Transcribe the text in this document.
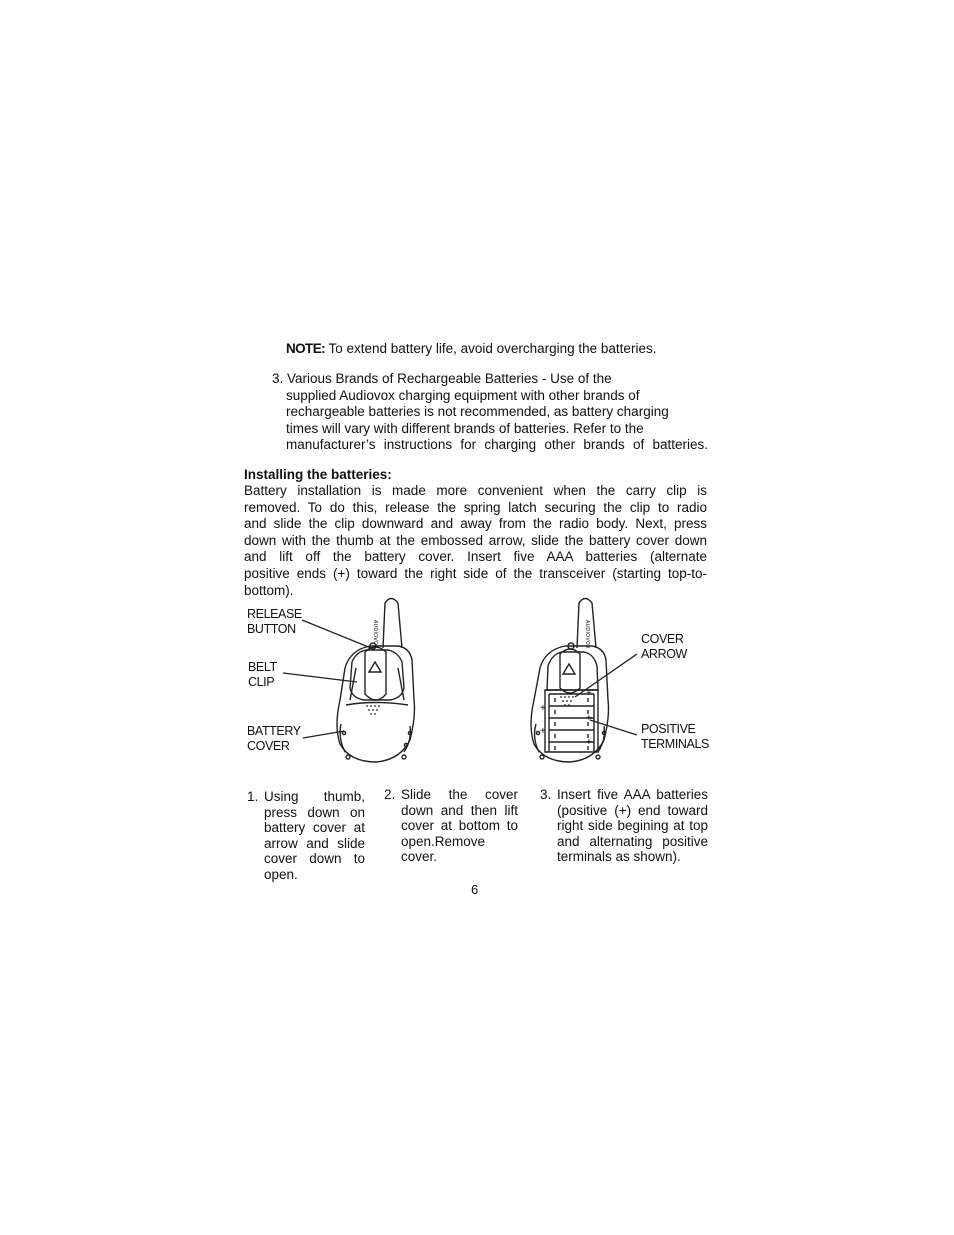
NOTE: To extend battery life, avoid overcharging the batteries.
3. Various Brands of Rechargeable Batteries - Use of the
supplied Audiovox charging equipment with other brands of
rechargeable batteries is not recommended, as battery charging
times will vary with different brands of batteries. Refer to the
manufacturer’s instructions for charging other brands of batteries.
Installing the batteries:
Battery installation is made more convenient when the carry clip is
removed. To do this, release the spring latch securing the clip to radio
and slide the clip downward and away from the radio body. Next, press
down with the thumb at the embossed arrow, slide the battery cover down
and lift off the battery cover. Insert five AAA batteries (alternate
positive ends (+) toward the right side of the transceiver (starting top-to-
bottom).
AUDIOVOX
RELEASE
BUTTON
BELT
CLIP
BATTERY
COVER
AUDIOVOX
+
+
+
+
+
COVER
ARROW
POSITIVE
TERMINALS
1. Using thumb,
press down on
battery cover at
arrow and slide
cover down to
open.
2. Slide the cover
down and then lift
cover at bottom to
open.Remove
cover.
3. Insert five AAA batteries
(positive (+) end toward
right side begining at top
and alternating positive
terminals as shown).
6
